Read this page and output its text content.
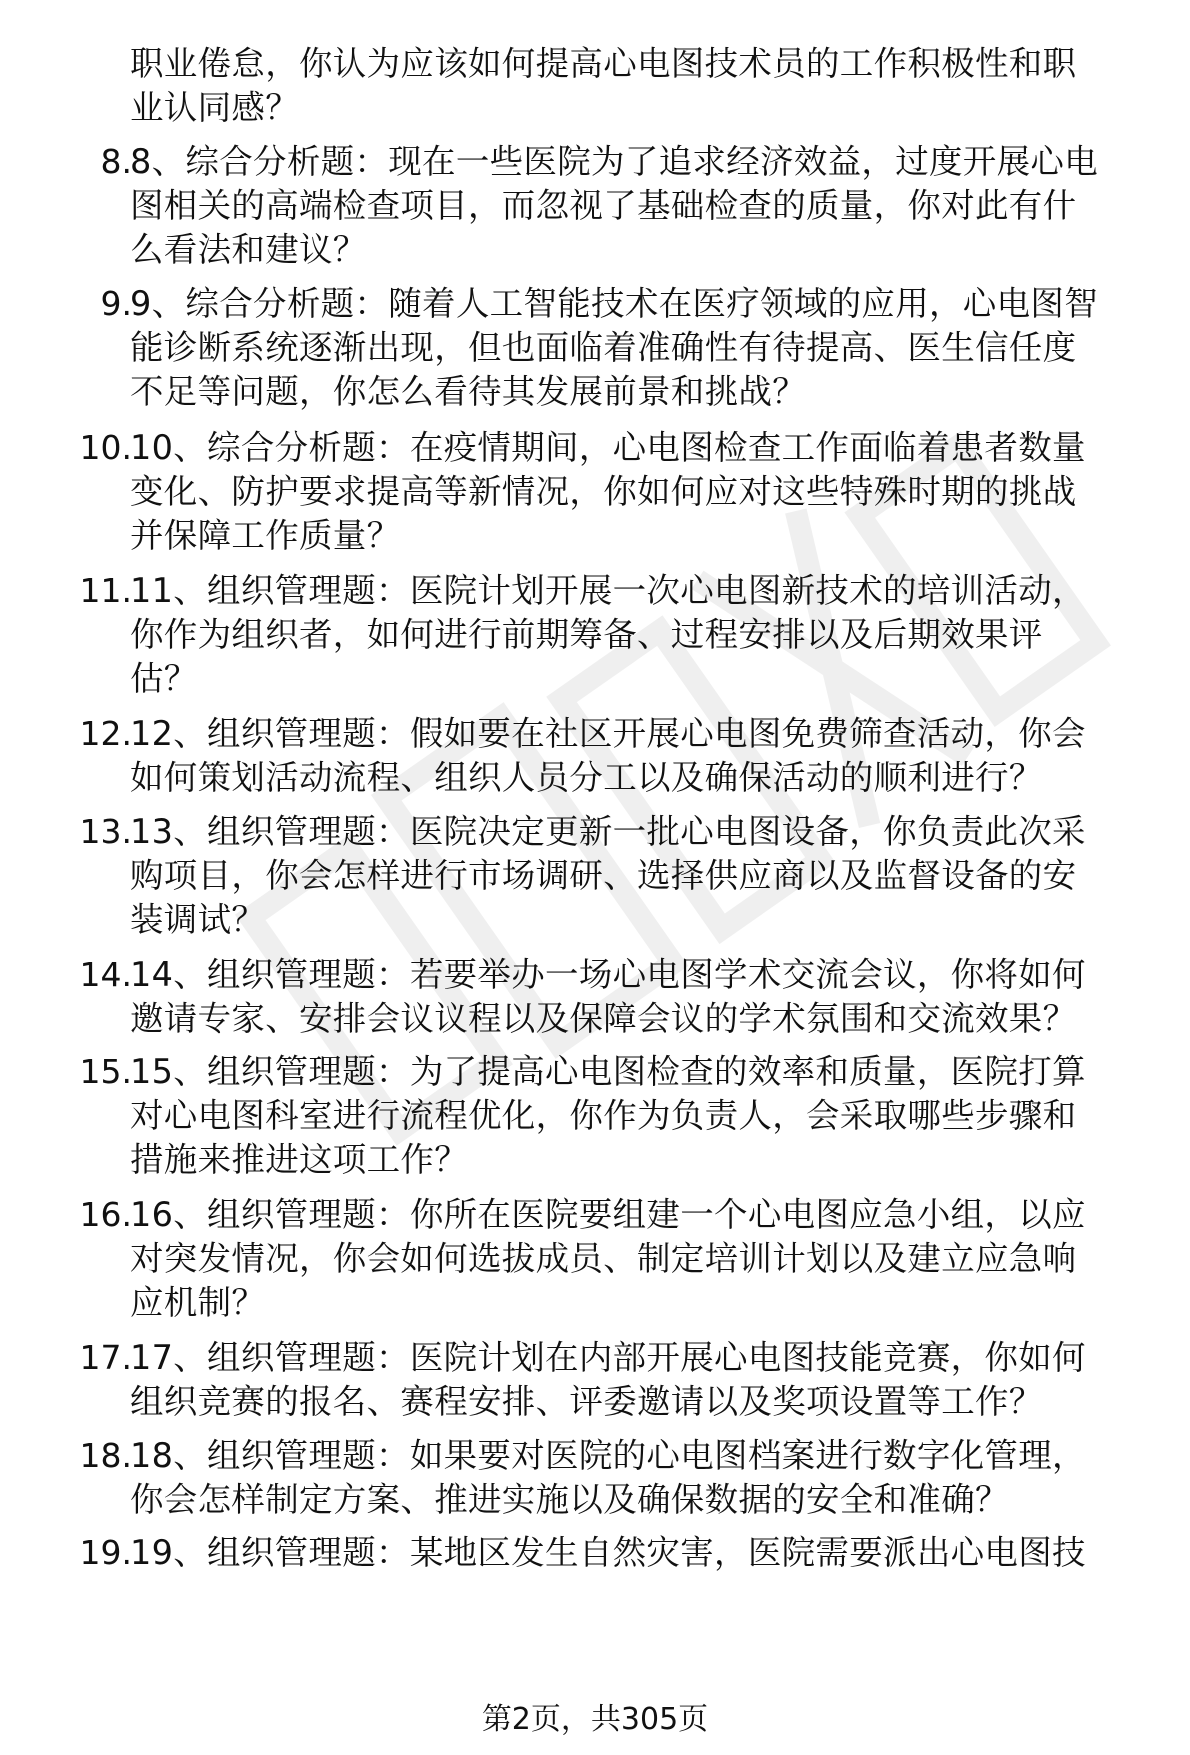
职业倦怠，你认为应该如何提高心电图技术员的工作积极性和职
业认同感？
8.
8、综合分析题：现在一些医院为了追求经济效益，过度开展心电
图相关的高端检查项目，而忽视了基础检查的质量，你对此有什
么看法和建议？
9.
9、综合分析题：随着人工智能技术在医疗领域的应用，心电图智
能诊断系统逐渐出现，但也面临着准确性有待提高、医生信任度
不足等问题，你怎么看待其发展前景和挑战？
10.
10、综合分析题：在疫情期间，心电图检查工作面临着患者数量
变化、防护要求提高等新情况，你如何应对这些特殊时期的挑战
并保障工作质量？
11.
11、组织管理题：医院计划开展一次心电图新技术的培训活动，
你作为组织者，如何进行前期筹备、过程安排以及后期效果评
估？
12.
12、组织管理题：假如要在社区开展心电图免费筛查活动，你会
如何策划活动流程、组织人员分工以及确保活动的顺利进行？
13.
13、组织管理题：医院决定更新一批心电图设备，你负责此次采
购项目，你会怎样进行市场调研、选择供应商以及监督设备的安
装调试？
14.
14、组织管理题：若要举办一场心电图学术交流会议，你将如何
邀请专家、安排会议议程以及保障会议的学术氛围和交流效果？
15.
15、组织管理题：为了提高心电图检查的效率和质量，医院打算
对心电图科室进行流程优化，你作为负责人，会采取哪些步骤和
措施来推进这项工作？
16.
16、组织管理题：你所在医院要组建一个心电图应急小组，以应
对突发情况，你会如何选拔成员、制定培训计划以及建立应急响
应机制？
17.
17、组织管理题：医院计划在内部开展心电图技能竞赛，你如何
组织竞赛的报名、赛程安排、评委邀请以及奖项设置等工作？
18.
18、组织管理题：如果要对医院的心电图档案进行数字化管理，
你会怎样制定方案、推进实施以及确保数据的安全和准确？
19.
19、组织管理题：某地区发生自然灾害，医院需要派出心电图技
第2页，共305页
